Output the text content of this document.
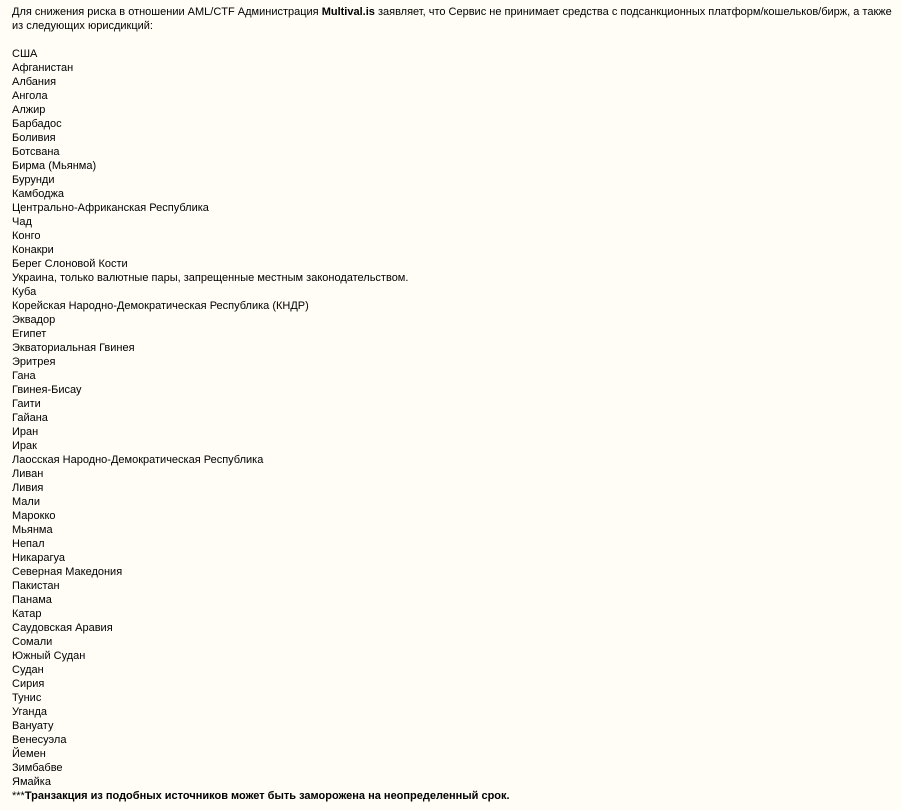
Для снижения риска в отношении AML/CTF Администрация Multival.is заявляет, что Сервис не принимает средства с подсанкционных платформ/кошельков/бирж, а также из следующих юрисдикций:

США
Афганистан
Албания
Ангола
Алжир
Барбадос
Боливия
Ботсвана
Бирма (Мьянма)
Бурунди
Камбоджа
Центрально-Африканская Республика
Чад
Конго
Конакри
Берег Слоновой Кости
Украина, только валютные пары, запрещенные местным законодательством.
Куба
Корейская Народно-Демократическая Республика (КНДР)
Эквадор
Египет
Экваториальная Гвинея
Эритрея
Гана
Гвинея-Бисау
Гаити
Гайана
Иран
Ирак
Лаосская Народно-Демократическая Республика
Ливан
Ливия
Мали
Марокко
Мьянма
Непал
Никарагуа
Северная Македония
Пакистан
Панама
Катар
Саудовская Аравия
Сомали
Южный Судан
Судан
Сирия
Тунис
Уганда
Вануату
Венесуэла
Йемен
Зимбабве
Ямайка

***Транзакция из подобных источников может быть заморожена на неопределенный срок.
